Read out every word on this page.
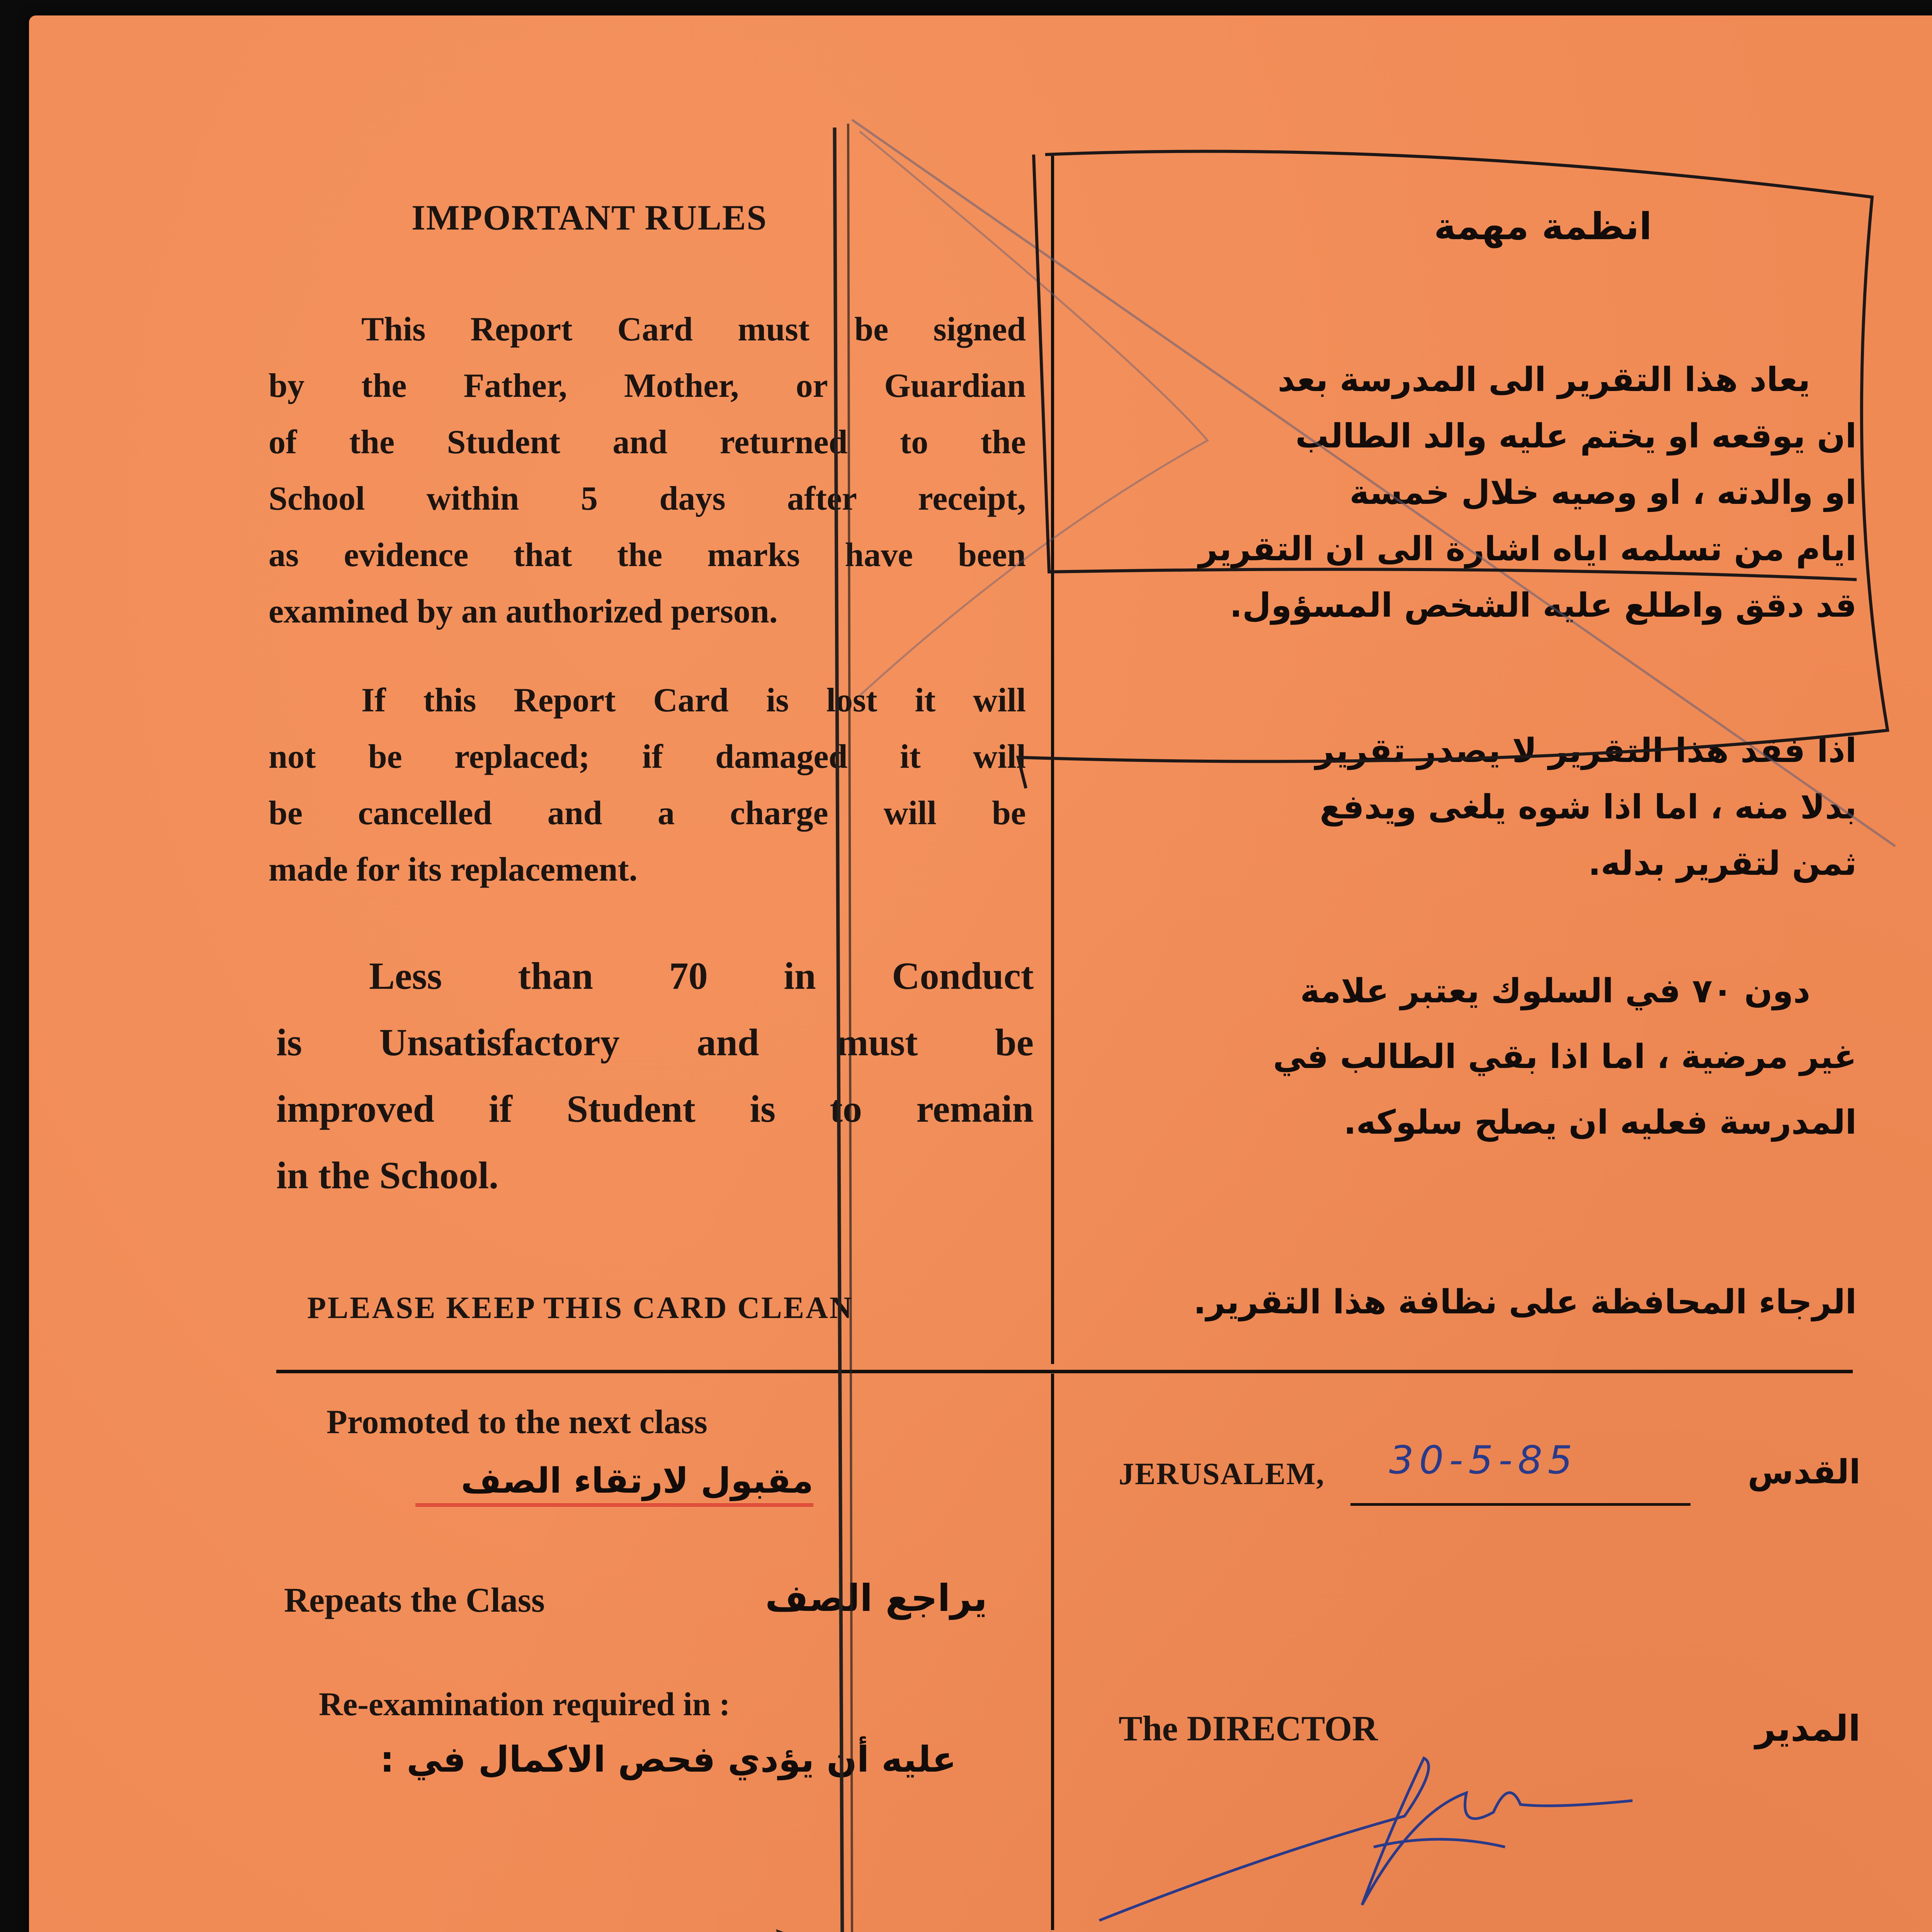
IMPORTANT RULES
This Report Card must be signed
by the Father, Mother, or Guardian
of the Student and returned to the
School within 5 days after receipt,
as evidence that the marks have been
examined by an authorized person.
If this Report Card is lost it will
not be replaced; if damaged it will
be cancelled and a charge will be
made for its replacement.
Less than 70 in Conduct
is Unsatisfactory and must be
improved if Student is to remain
in the School.
PLEASE KEEP THIS CARD CLEAN
انظمة مهمة
يعاد هذا التقرير الى المدرسة بعد
ان يوقعه او يختم عليه والد الطالب
او والدته ، او وصيه خلال خمسة
ايام من تسلمه اياه اشارة الى ان التقرير
قد دقق واطلع عليه الشخص المسؤول.
اذا فقد هذا التقرير لا يصدر تقرير
بدلا منه ، اما اذا شوه يلغى ويدفع
ثمن لتقرير بدله.
دون ٧٠ في السلوك يعتبر علامة
غير مرضية ، اما اذا بقي الطالب في
المدرسة فعليه ان يصلح سلوكه.
الرجاء المحافظة على نظافة هذا التقرير.
Promoted to the next class
مقبول لارتقاء الصف
Repeats the Class	يراجع الصف
Re-examination required in :
عليه أن يؤدي فحص الاكمال في :
JERUSALEM,	30-5-85	القدس
The DIRECTOR	المدير
